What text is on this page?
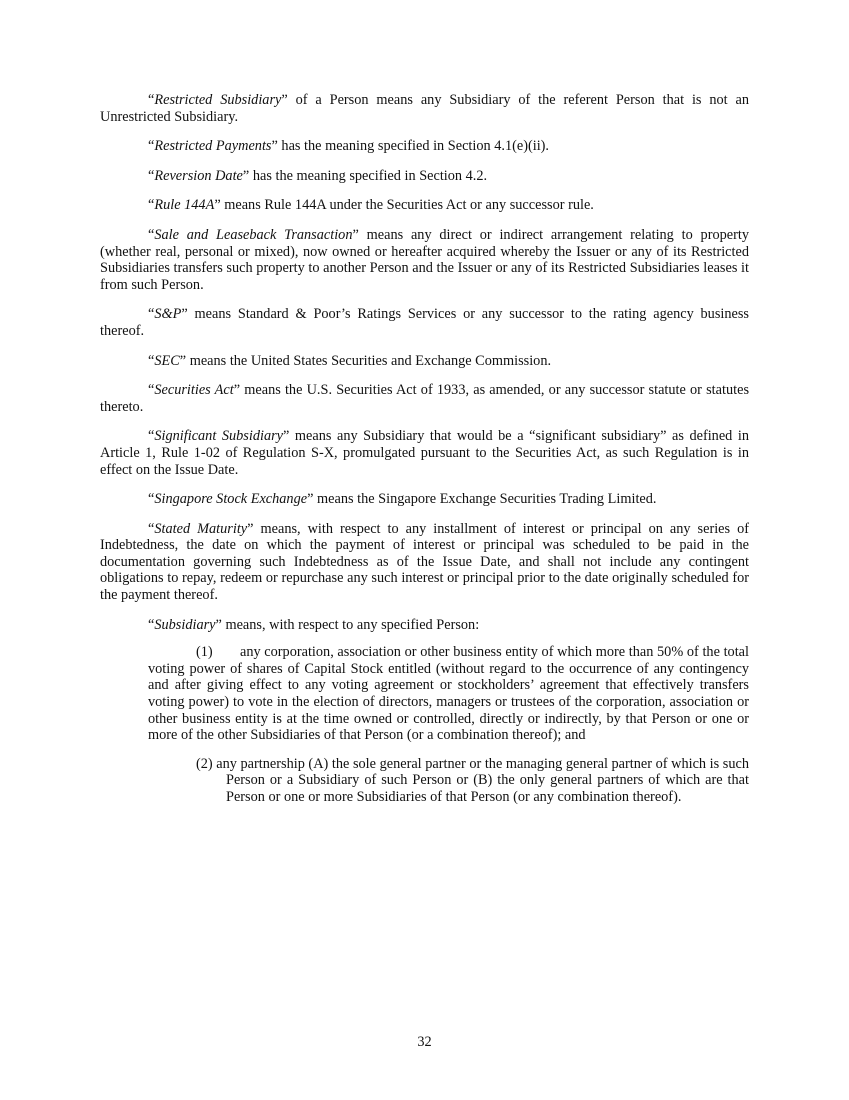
“Restricted Subsidiary” of a Person means any Subsidiary of the referent Person that is not an Unrestricted Subsidiary.

“Restricted Payments” has the meaning specified in Section 4.1(e)(ii).

“Reversion Date” has the meaning specified in Section 4.2.

“Rule 144A” means Rule 144A under the Securities Act or any successor rule.

“Sale and Leaseback Transaction” means any direct or indirect arrangement relating to property (whether real, personal or mixed), now owned or hereafter acquired whereby the Issuer or any of its Restricted Subsidiaries transfers such property to another Person and the Issuer or any of its Restricted Subsidiaries leases it from such Person.

“S&P” means Standard & Poor’s Ratings Services or any successor to the rating agency business thereof.

“SEC” means the United States Securities and Exchange Commission.

“Securities Act” means the U.S. Securities Act of 1933, as amended, or any successor statute or statutes thereto.

“Significant Subsidiary” means any Subsidiary that would be a “significant subsidiary” as defined in Article 1, Rule 1-02 of Regulation S-X, promulgated pursuant to the Securities Act, as such Regulation is in effect on the Issue Date.

“Singapore Stock Exchange” means the Singapore Exchange Securities Trading Limited.

“Stated Maturity” means, with respect to any installment of interest or principal on any series of Indebtedness, the date on which the payment of interest or principal was scheduled to be paid in the documentation governing such Indebtedness as of the Issue Date, and shall not include any contingent obligations to repay, redeem or repurchase any such interest or principal prior to the date originally scheduled for the payment thereof.

“Subsidiary” means, with respect to any specified Person:

(1) any corporation, association or other business entity of which more than 50% of the total voting power of shares of Capital Stock entitled (without regard to the occurrence of any contingency and after giving effect to any voting agreement or stockholders’ agreement that effectively transfers voting power) to vote in the election of directors, managers or trustees of the corporation, association or other business entity is at the time owned or controlled, directly or indirectly, by that Person or one or more of the other Subsidiaries of that Person (or a combination thereof); and

(2) any partnership (A) the sole general partner or the managing general partner of which is such Person or a Subsidiary of such Person or (B) the only general partners of which are that Person or one or more Subsidiaries of that Person (or any combination thereof).

32
